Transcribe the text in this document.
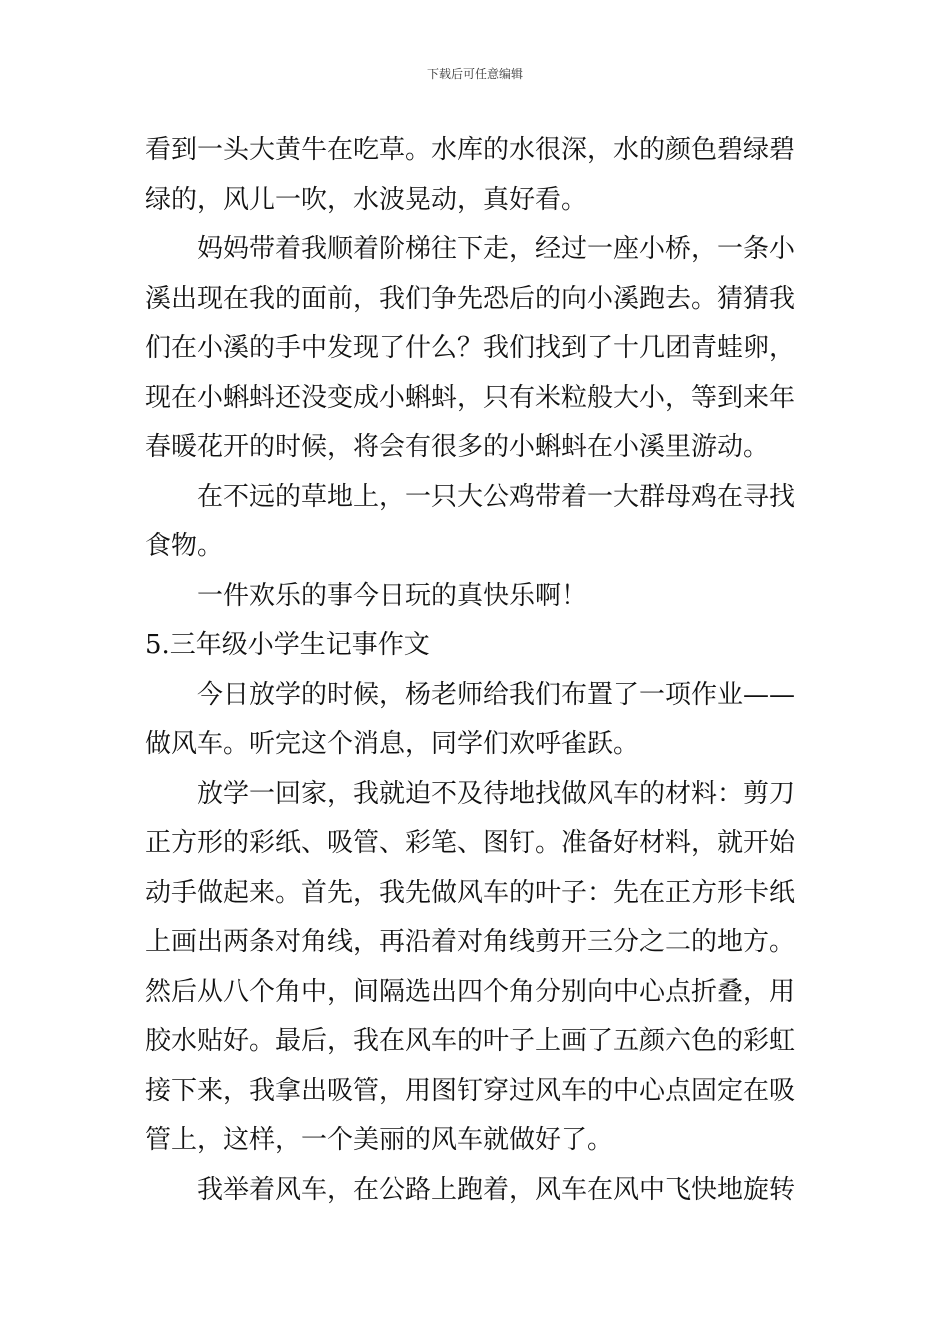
下载后可任意编辑
看到一头大黄牛在吃草。水库的水很深，水的颜色碧绿碧
绿的，风儿一吹，水波晃动，真好看。
妈妈带着我顺着阶梯往下走，经过一座小桥，一条小
溪出现在我的面前，我们争先恐后的向小溪跑去。猜猜我
们在小溪的手中发现了什么？我们找到了十几团青蛙卵，
现在小蝌蚪还没变成小蝌蚪，只有米粒般大小，等到来年
春暖花开的时候，将会有很多的小蝌蚪在小溪里游动。
在不远的草地上，一只大公鸡带着一大群母鸡在寻找
食物。
一件欢乐的事今日玩的真快乐啊！
5.三年级小学生记事作文
今日放学的时候，杨老师给我们布置了一项作业——
做风车。听完这个消息，同学们欢呼雀跃。
放学一回家，我就迫不及待地找做风车的材料：剪刀
正方形的彩纸、吸管、彩笔、图钉。准备好材料，就开始
动手做起来。首先，我先做风车的叶子：先在正方形卡纸
上画出两条对角线，再沿着对角线剪开三分之二的地方。
然后从八个角中，间隔选出四个角分别向中心点折叠，用
胶水贴好。最后，我在风车的叶子上画了五颜六色的彩虹
接下来，我拿出吸管，用图钉穿过风车的中心点固定在吸
管上，这样，一个美丽的风车就做好了。
我举着风车，在公路上跑着，风车在风中飞快地旋转
